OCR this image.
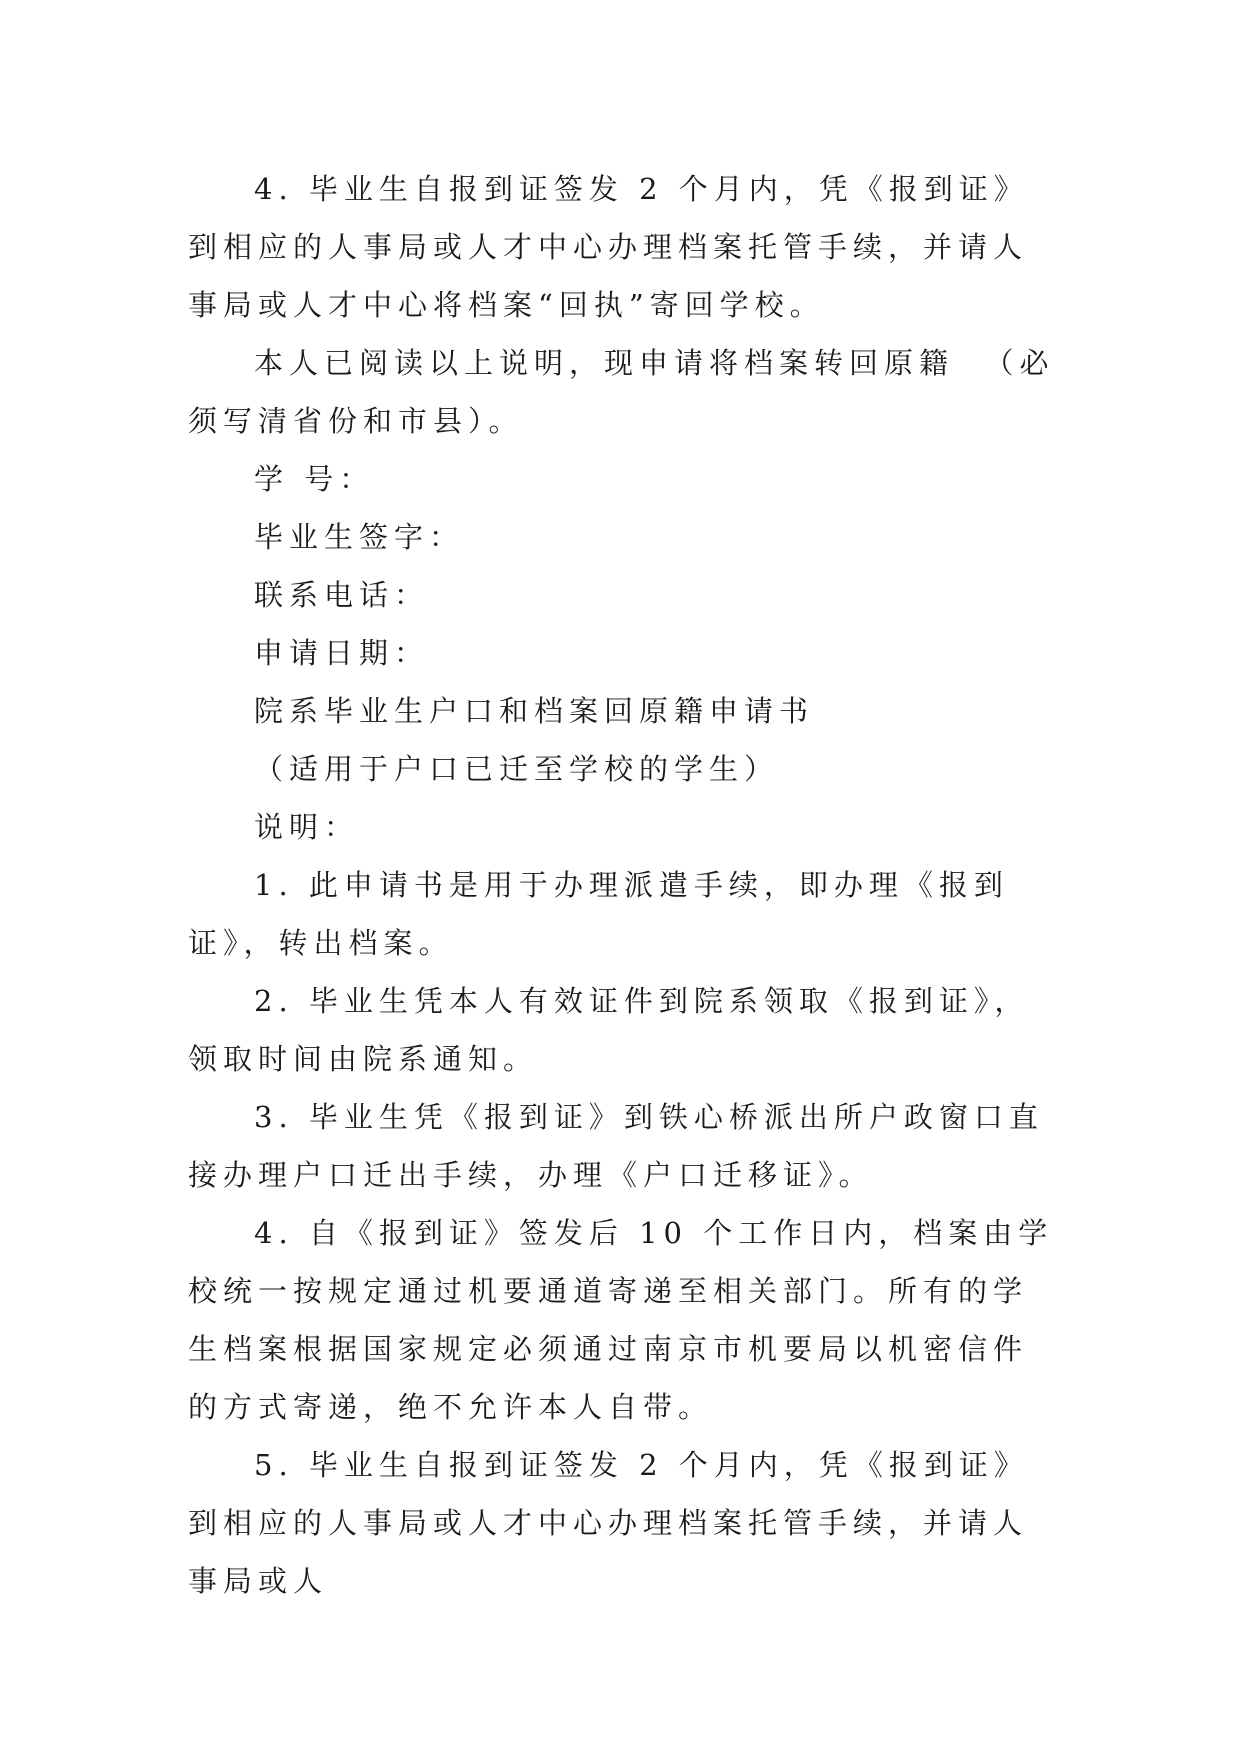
4. 毕业生自报到证签发 2 个月内，凭《报到证》到相应的人事局或人才中心办理档案托管手续，并请人事局或人才中心将档案“回执”寄回学校。

本人已阅读以上说明，现申请将档案转回原籍  （必须写清省份和市县）。

学 号：

毕业生签字：

联系电话：

申请日期：

院系毕业生户口和档案回原籍申请书

（适用于户口已迁至学校的学生）

说明：

1. 此申请书是用于办理派遣手续，即办理《报到证》，转出档案。

2. 毕业生凭本人有效证件到院系领取《报到证》，领取时间由院系通知。

3. 毕业生凭《报到证》到铁心桥派出所户政窗口直接办理户口迁出手续，办理《户口迁移证》。

4. 自《报到证》签发后 10 个工作日内，档案由学校统一按规定通过机要通道寄递至相关部门。所有的学生档案根据国家规定必须通过南京市机要局以机密信件的方式寄递，绝不允许本人自带。

5. 毕业生自报到证签发 2 个月内，凭《报到证》到相应的人事局或人才中心办理档案托管手续，并请人事局或人
